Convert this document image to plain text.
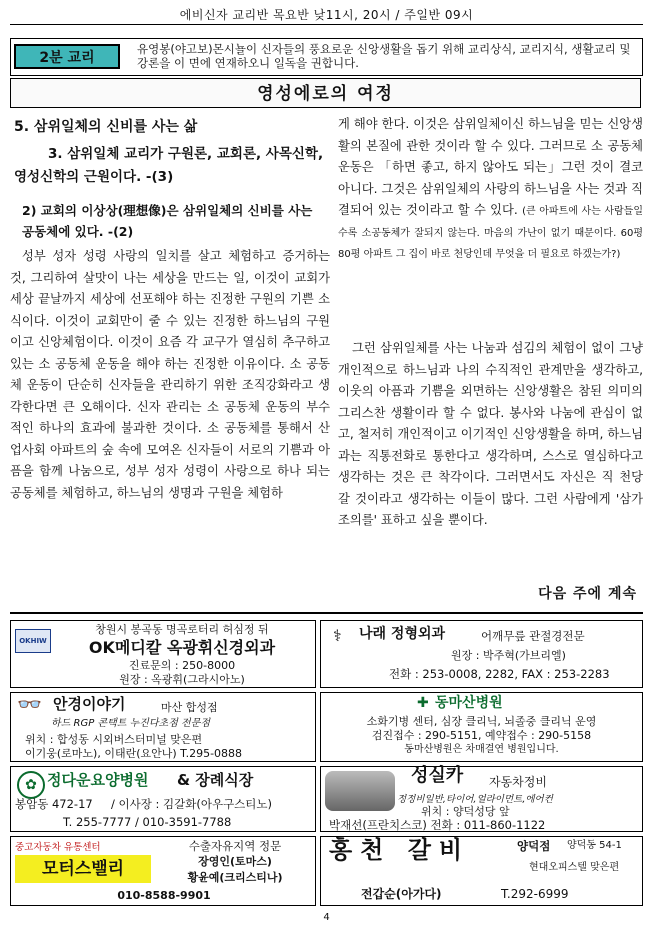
에비신자 교리반 목요반 낮11시, 20시 / 주일반 09시
2분 교리
유영봉(야고보)몬시뇰이 신자들의 풍요로운 신앙생활을 돕기 위해 교리상식, 교리지식, 생활교리 및 강론을 이 면에 연재하오니 일독을 권합니다.
영성에로의 여정
5. 삼위일체의 신비를 사는 삶
3. 삼위일체 교리가 구원론, 교회론, 사목신학, 영성신학의 근원이다. -(3)
2) 교회의 이상상(理想像)은 삼위일체의 신비를 사는 공동체에 있다. -(2)
성부 성자 성령 사랑의 일치를 살고 체험하고 증거하는 것, 그리하여 살맛이 나는 세상을 만드는 일, 이것이 교회가 세상 끝날까지 세상에 선포해야 하는 진정한 구원의 기쁜 소식이다. 이것이 교회만이 줄 수 있는 진정한 하느님의 구원이고 신앙체험이다. 이것이 요즘 각 교구가 열심히 추구하고 있는 소 공동체 운동을 해야 하는 진정한 이유이다. 소 공동체 운동이 단순히 신자들을 관리하기 위한 조직강화라고 생각한다면 큰 오해이다. 신자 관리는 소 공동체 운동의 부수적인 하나의 효과에 불과한 것이다. 소 공동체를 통해서 산업사회 아파트의 숲 속에 모여온 신자들이 서로의 기쁨과 아픔을 함께 나눔으로, 성부 성자 성령이 사랑으로 하나 되는 공동체를 체험하고, 하느님의 생명과 구원을 체험하
게 해야 한다. 이것은 삼위일체이신 하느님을 믿는 신앙생활의 본질에 관한 것이라 할 수 있다. 그러므로 소 공동체 운동은 「하면 좋고, 하지 않아도 되는」그런 것이 결코 아니다. 그것은 삼위일체의 사랑의 하느님을 사는 것과 직결되어 있는 것이라고 할 수 있다. (큰 아파트에 사는 사람들일수록 소공동체가 잘되지 않는다. 마음의 가난이 없기 때문이다. 60평 80평 아파트 그 집이 바로 천당인데 무엇을 더 필요로 하겠는가?)
그런 삼위일체를 사는 나눔과 섬김의 체험이 없이 그냥 개인적으로 하느님과 나의 수직적인 관계만을 생각하고, 이웃의 아픔과 기쁨을 외면하는 신앙생활은 참된 의미의 그리스찬 생활이라 할 수 없다. 봉사와 나눔에 관심이 없고, 철저히 개인적이고 이기적인 신앙생활을 하며, 하느님과는 직통전화로 통한다고 생각하며, 스스로 열심하다고 생각하는 것은 큰 착각이다. 그러면서도 자신은 직 천당 갈 것이라고 생각하는 이들이 많다. 그런 사람에게 '삼가 조의를' 표하고 싶을 뿐이다.
다음 주에 계속
창원시 봉곡동 명곡로터리 허심정 뒤
OKHIW	OK메디칼 옥광휘신경외과
진료문의 : 250-8000
원장 : 옥광휘(그라시아노)
⚕ 나래 정형외과	어깨무릎 관절경전문
원장 : 박주혁(가브리엘)
전화 : 253-0008, 2282, FAX : 253-2283
👓 안경이야기	마산 합성점
하드 RGP 콘택트 누진다초점 전문점
위치 : 합성동 시외버스터미널 맞은편
이기웅(로마노), 이태란(요안나) T.295-0888
✚ 동마산병원
소화기병 센터, 심장 클리닉, 뇌졸중 클리닉 운영
검진접수 : 290-5151, 예약접수 : 290-5158
동마산병원은 차매결연 병원입니다.
✿ 정다운요양병원 & 장례식장
봉암동 472-17 / 이사장 : 김갈화(아우구스티노)
T. 255-7777 / 010-3591-7788
성실카 자동차정비
정정비일반,타이어,얼라이먼트,에어컨
위치 : 양덕성당 앞
박재선(프란치스코) 전화 : 011-860-1122
중고자동차 유통센터
모터스밸리
수출자유지역 정문
장영인(토마스)
황윤예(크리스티나)
010-8588-9901
홍천 갈비	양덕점 양덕동 54-1
현대오피스텔 맞은편
전갑순(아가다)	T.292-6999
4
